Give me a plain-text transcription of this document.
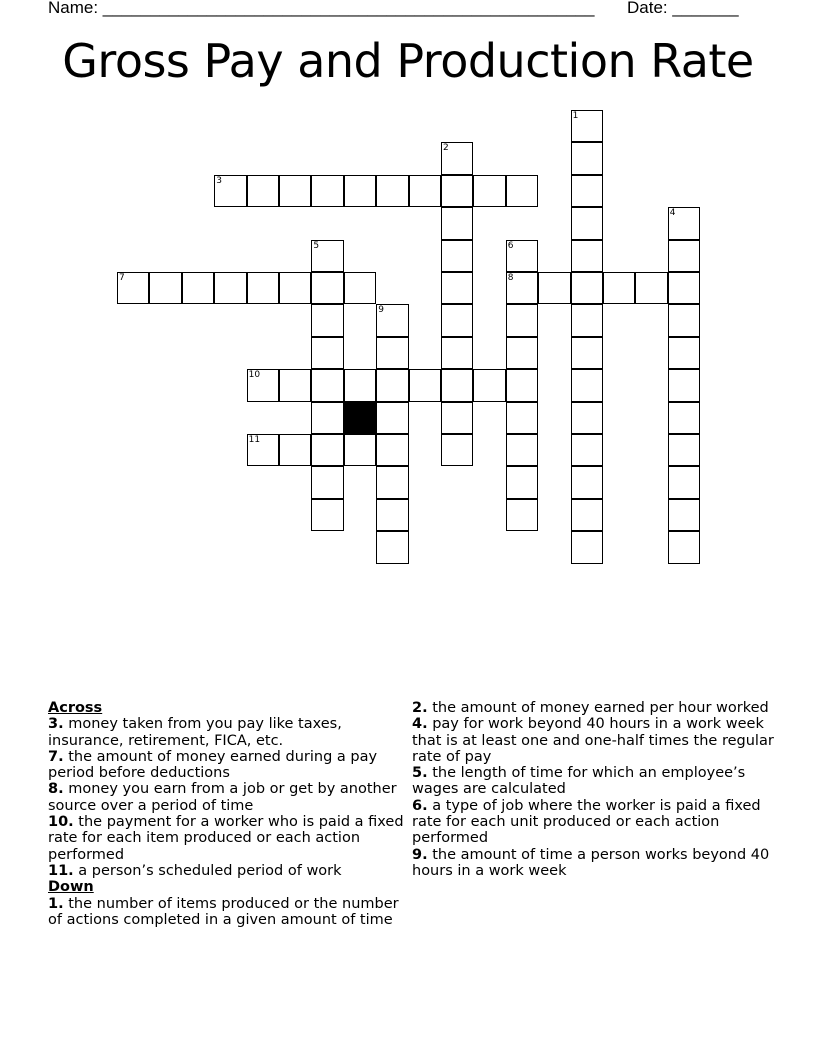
Name: ____________________________________________________ Date: _______
Gross Pay and Production Rate
1
2
3
4
5	6
8
7
9
10
11
Across
3. money taken from you pay like taxes, insurance, retirement, FICA, etc.
7. the amount of money earned during a pay period before deductions
8. money you earn from a job or get by another source over a period of time
10. the payment for a worker who is paid a fixed rate for each item produced or each action performed
11. a person’s scheduled period of work
Down
1. the number of items produced or the number of actions completed in a given amount of time
2. the amount of money earned per hour worked
4. pay for work beyond 40 hours in a work week that is at least one and one-half times the regular rate of pay
5. the length of time for which an employee’s wages are calculated
6. a type of job where the worker is paid a fixed rate for each unit produced or each action performed
9. the amount of time a person works beyond 40 hours in a work week
